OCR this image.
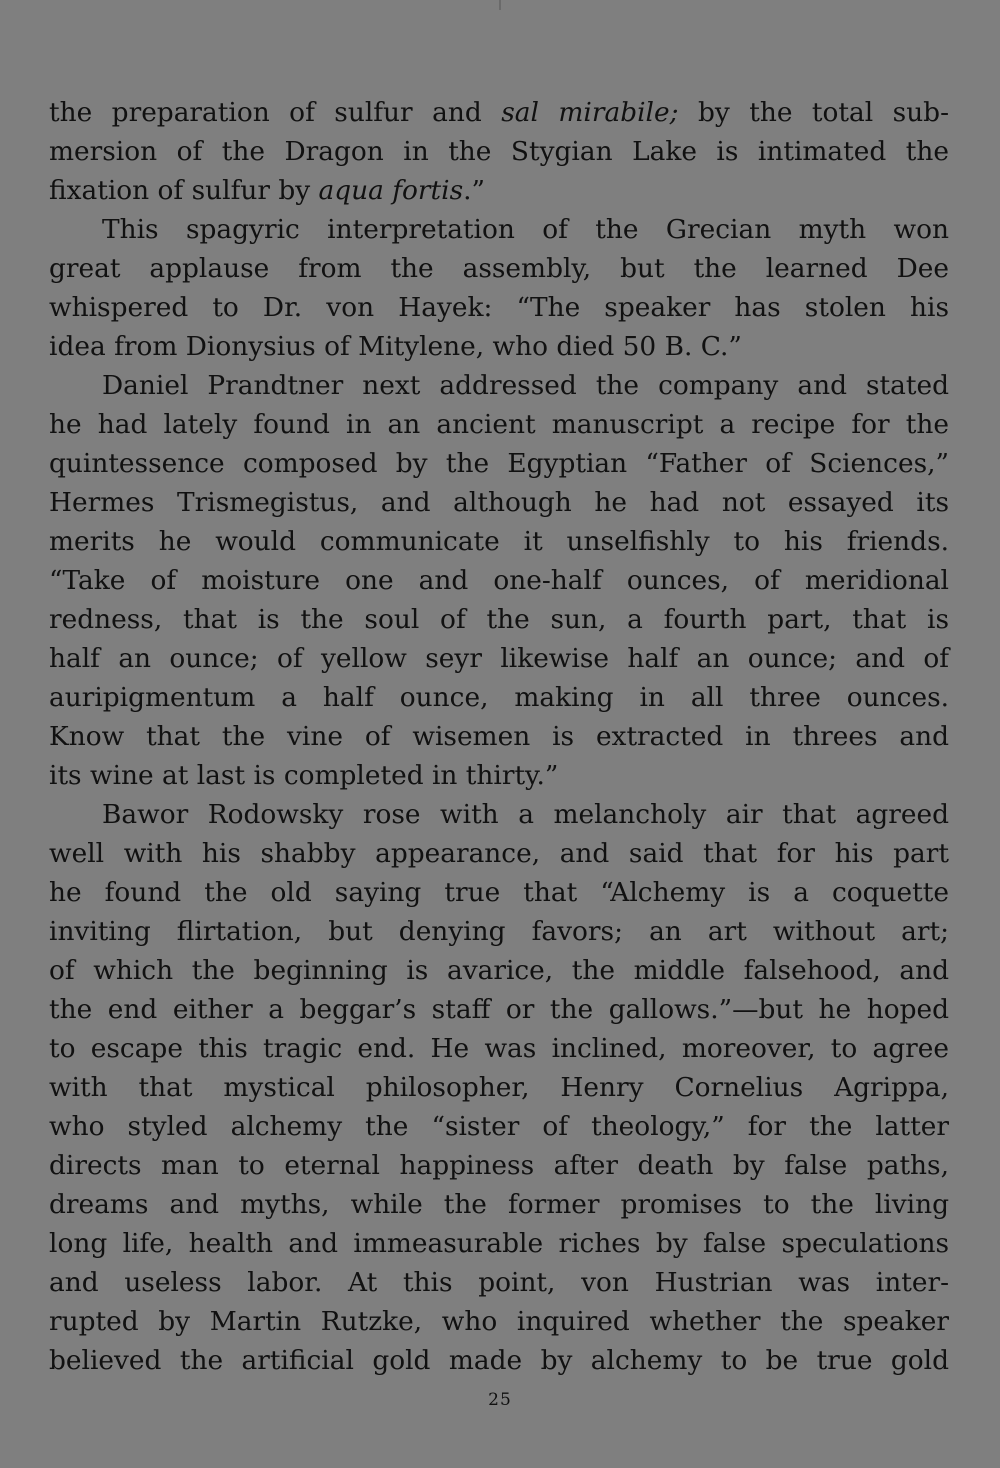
the preparation of sulfur and sal mirabile; by the total sub-
mersion of the Dragon in the Stygian Lake is intimated the
fixation of sulfur by aqua fortis.”
This spagyric interpretation of the Grecian myth won
great applause from the assembly, but the learned Dee
whispered to Dr. von Hayek: “The speaker has stolen his
idea from Dionysius of Mitylene, who died 50 B. C.”
Daniel Prandtner next addressed the company and stated
he had lately found in an ancient manuscript a recipe for the
quintessence composed by the Egyptian “Father of Sciences,”
Hermes Trismegistus, and although he had not essayed its
merits he would communicate it unselfishly to his friends.
“Take of moisture one and one-half ounces, of meridional
redness, that is the soul of the sun, a fourth part, that is
half an ounce; of yellow seyr likewise half an ounce; and of
auripigmentum a half ounce, making in all three ounces.
Know that the vine of wisemen is extracted in threes and
its wine at last is completed in thirty.”
Bawor Rodowsky rose with a melancholy air that agreed
well with his shabby appearance, and said that for his part
he found the old saying true that “Alchemy is a coquette
inviting flirtation, but denying favors; an art without art;
of which the beginning is avarice, the middle falsehood, and
the end either a beggar’s staff or the gallows.”—but he hoped
to escape this tragic end. He was inclined, moreover, to agree
with that mystical philosopher, Henry Cornelius Agrippa,
who styled alchemy the “sister of theology,” for the latter
directs man to eternal happiness after death by false paths,
dreams and myths, while the former promises to the living
long life, health and immeasurable riches by false speculations
and useless labor. At this point, von Hustrian was inter-
rupted by Martin Rutzke, who inquired whether the speaker
believed the artificial gold made by alchemy to be true gold
25
